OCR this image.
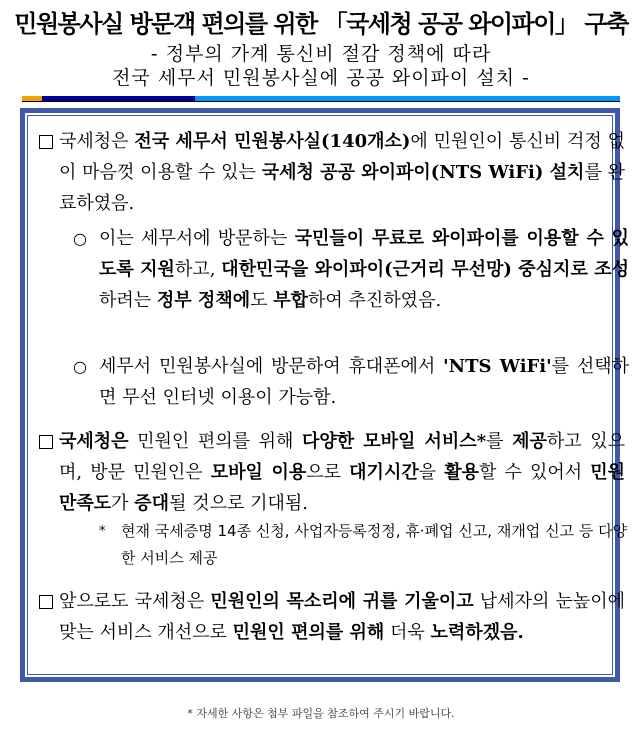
민원봉사실 방문객 편의를 위한 「국세청 공공 와이파이」 구축
- 정부의 가계 통신비 절감 정책에 따라
전국 세무서 민원봉사실에 공공 와이파이 설치 -
국세청은 전국 세무서 민원봉사실(140개소)에 민원인이 통신비 걱정 없이 마음껏 이용할 수 있는 국세청 공공 와이파이(NTS WiFi) 설치를 완료하였음.
○ 이는 세무서에 방문하는 국민들이 무료로 와이파이를 이용할 수 있도록 지원하고, 대한민국을 와이파이(근거리 무선망) 중심지로 조성하려는 정부 정책에도 부합하여 추진하였음.
○ 세무서 민원봉사실에 방문하여 휴대폰에서 'NTS WiFi'를 선택하면 무선 인터넷 이용이 가능함.
국세청은 민원인 편의를 위해 다양한 모바일 서비스*를 제공하고 있으며, 방문 민원인은 모바일 이용으로 대기시간을 활용할 수 있어서 민원 만족도가 증대될 것으로 기대됨.
* 현재 국세증명 14종 신청, 사업자등록정정, 휴·폐업 신고, 재개업 신고 등 다양한 서비스 제공
앞으로도 국세청은 민원인의 목소리에 귀를 기울이고 납세자의 눈높이에 맞는 서비스 개선으로 민원인 편의를 위해 더욱 노력하겠음.
* 자세한 사항은 첨부 파일을 참조하여 주시기 바랍니다.
